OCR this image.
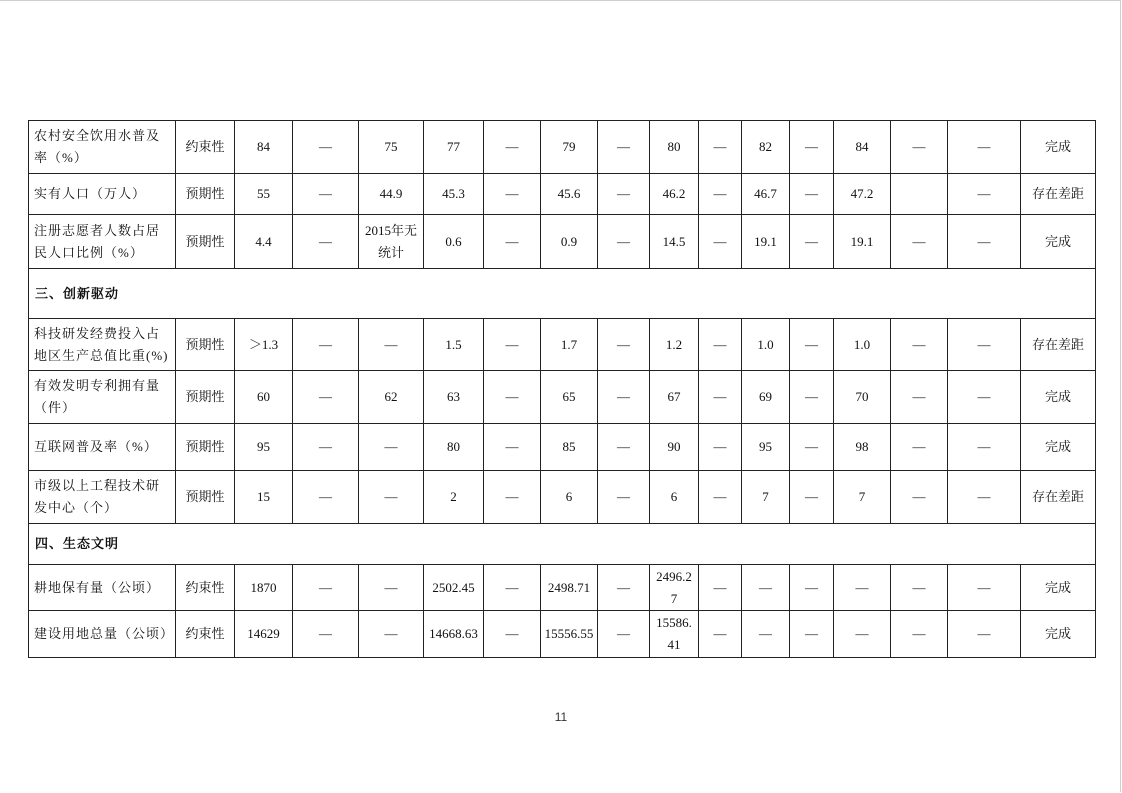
农村安全饮用水普及率（%）	约束性	84	—	75	77	—	79	—	80	—	82	—	84	—	—	完成
实有人口（万人）	预期性	55	—	44.9	45.3	—	45.6	—	46.2	—	46.7	—	47.2		—	存在差距
注册志愿者人数占居民人口比例（%）	预期性	4.4	—	2015年无统计	0.6	—	0.9	—	14.5	—	19.1	—	19.1	—	—	完成
三、创新驱动																
科技研发经费投入占地区生产总值比重(%)	预期性	＞1.3	—	—	1.5	—	1.7	—	1.2	—	1.0	—	1.0	—	—	存在差距
有效发明专利拥有量（件）	预期性	60	—	62	63	—	65	—	67	—	69	—	70	—	—	完成
互联网普及率（%）	预期性	95	—	—	80	—	85	—	90	—	95	—	98	—	—	完成
市级以上工程技术研发中心（个）	预期性	15	—	—	2	—	6	—	6	—	7	—	7	—	—	存在差距
四、生态文明																
耕地保有量（公顷）	约束性	1870	—	—	2502.45	—	2498.71	—	2496.27	—	—	—	—	—	—	完成
建设用地总量（公顷）	约束性	14629	—	—	14668.63	—	15556.55	—	15586.41	—	—	—	—	—	—	完成
11
